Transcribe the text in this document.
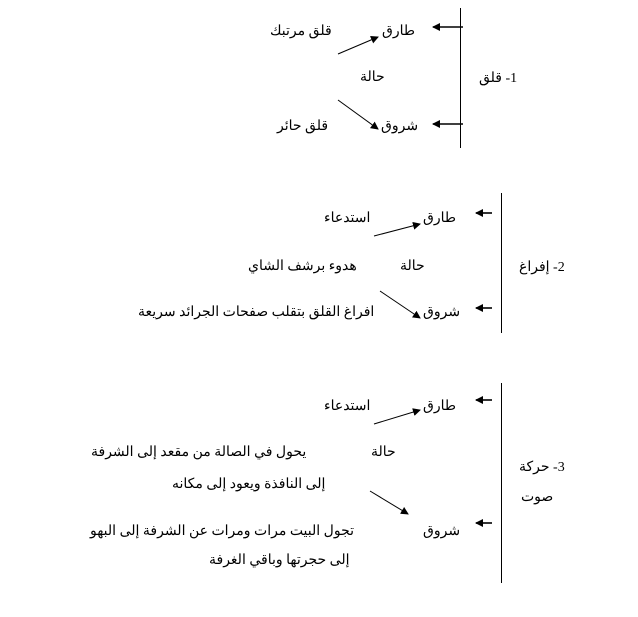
1- قلق
طارق
قلق مرتبك
حالة
شروق
قلق حائر
2- إفراغ
طارق
استدعاء
حالة
هدوء برشف الشاي
شروق
افراغ القلق بتقلب صفحات الجرائد سريعة
3- حركة
صوت
طارق
استدعاء
حالة
يحول في الصالة من مقعد إلى الشرفة
إلى النافذة ويعود إلى مكانه
شروق
تجول البيت مرات ومرات عن الشرفة إلى البهو
إلى حجرتها وباقي الغرفة
